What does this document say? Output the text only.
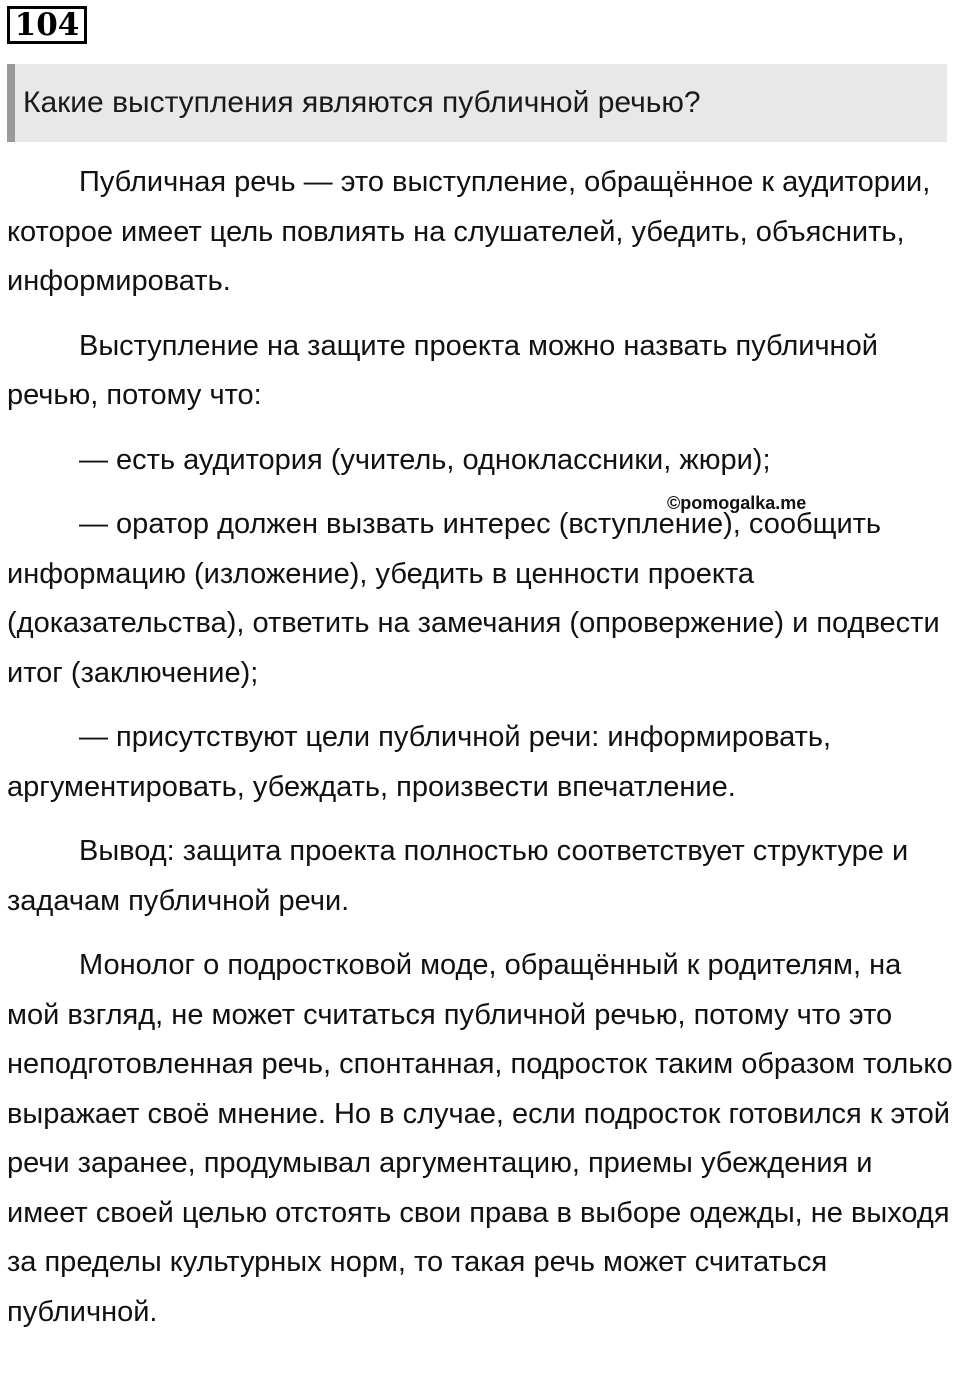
104
Какие выступления являются публичной речью?

Публичная речь — это выступление, обращённое к аудитории, которое имеет цель повлиять на слушателей, убедить, объяснить, информировать.

Выступление на защите проекта можно назвать публичной речью, потому что:

— есть аудитория (учитель, одноклассники, жюри);

— оратор должен вызвать интерес (вступление), сообщить информацию (изложение), убедить в ценности проекта (доказательства), ответить на замечания (опровержение) и подвести итог (заключение);

— присутствуют цели публичной речи: информировать, аргументировать, убеждать, произвести впечатление.

Вывод: защита проекта полностью соответствует структуре и задачам публичной речи.

Монолог о подростковой моде, обращённый к родителям, на мой взгляд, не может считаться публичной речью, потому что это неподготовленная речь, спонтанная, подросток таким образом только выражает своё мнение. Но в случае, если подросток готовился к этой речи заранее, продумывал аргументацию, приемы убеждения и имеет своей целью отстоять свои права в выборе одежды, не выходя за пределы культурных норм, то такая речь может считаться публичной.

©pomogalka.me
